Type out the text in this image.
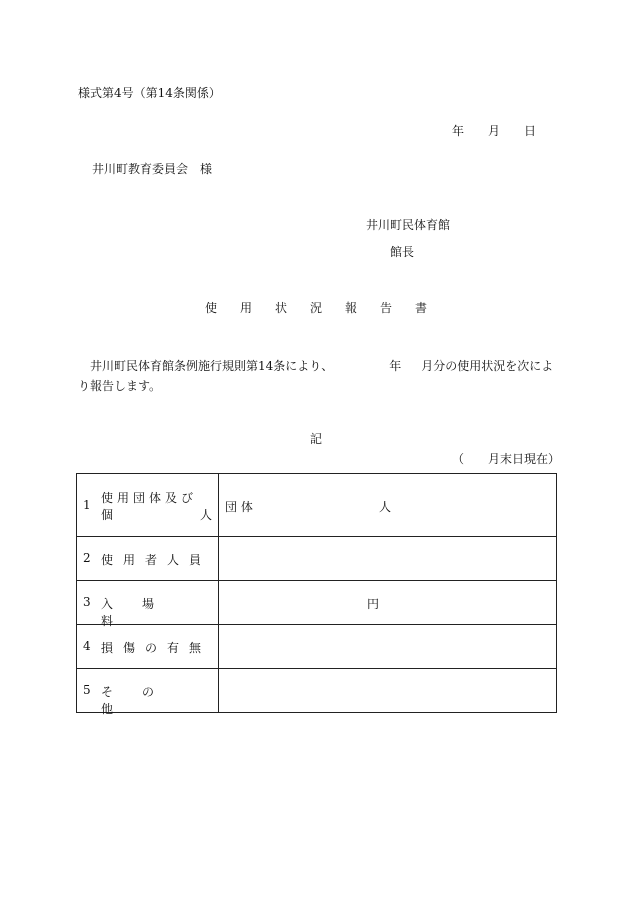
様式第4号（第14条関係）
年 月 日
井川町教育委員会 様
井川町民体育館
館長
使用状況報告書
井川町民体育館条例施行規則第14条により、	年 月分の使用状況を次により報告します。
記
（ 月末日現在）
1 使用団体及び
個 人	団 体 人

2 使用者人員	

3 入場料	円

4 損傷の有無	

5 その他	
